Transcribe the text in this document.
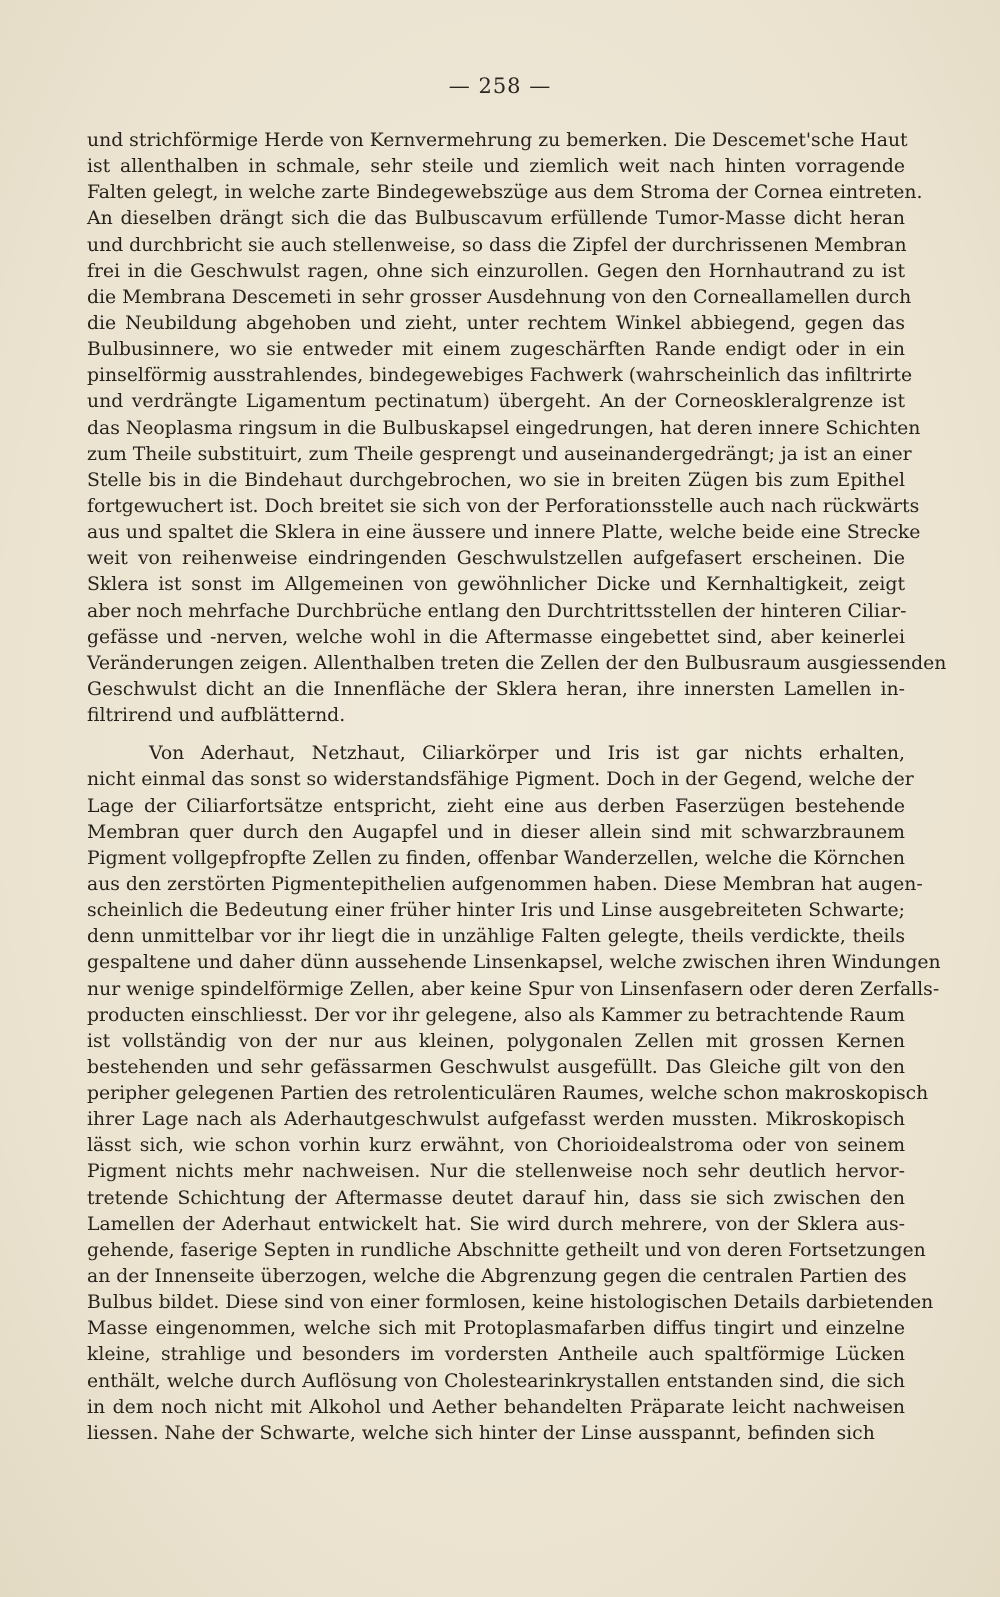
— 258 —
und strichförmige Herde von Kernvermehrung zu bemerken. Die Descemet'sche Haut
ist allenthalben in schmale, sehr steile und ziemlich weit nach hinten vorragende
Falten gelegt, in welche zarte Bindegewebszüge aus dem Stroma der Cornea eintreten.
An dieselben drängt sich die das Bulbuscavum erfüllende Tumor-Masse dicht heran
und durchbricht sie auch stellenweise, so dass die Zipfel der durchrissenen Membran
frei in die Geschwulst ragen, ohne sich einzurollen. Gegen den Hornhautrand zu ist
die Membrana Descemeti in sehr grosser Ausdehnung von den Corneallamellen durch
die Neubildung abgehoben und zieht, unter rechtem Winkel abbiegend, gegen das
Bulbusinnere, wo sie entweder mit einem zugeschärften Rande endigt oder in ein
pinselförmig ausstrahlendes, bindegewebiges Fachwerk (wahrscheinlich das infiltrirte
und verdrängte Ligamentum pectinatum) übergeht. An der Corneoskleralgrenze ist
das Neoplasma ringsum in die Bulbuskapsel eingedrungen, hat deren innere Schichten
zum Theile substituirt, zum Theile gesprengt und auseinandergedrängt; ja ist an einer
Stelle bis in die Bindehaut durchgebrochen, wo sie in breiten Zügen bis zum Epithel
fortgewuchert ist. Doch breitet sie sich von der Perforationsstelle auch nach rückwärts
aus und spaltet die Sklera in eine äussere und innere Platte, welche beide eine Strecke
weit von reihenweise eindringenden Geschwulstzellen aufgefasert erscheinen. Die
Sklera ist sonst im Allgemeinen von gewöhnlicher Dicke und Kernhaltigkeit, zeigt
aber noch mehrfache Durchbrüche entlang den Durchtrittsstellen der hinteren Ciliar-
gefässe und -nerven, welche wohl in die Aftermasse eingebettet sind, aber keinerlei
Veränderungen zeigen. Allenthalben treten die Zellen der den Bulbusraum ausgiessenden
Geschwulst dicht an die Innenfläche der Sklera heran, ihre innersten Lamellen in-
filtrirend und aufblätternd.
Von Aderhaut, Netzhaut, Ciliarkörper und Iris ist gar nichts erhalten,
nicht einmal das sonst so widerstandsfähige Pigment. Doch in der Gegend, welche der
Lage der Ciliarfortsätze entspricht, zieht eine aus derben Faserzügen bestehende
Membran quer durch den Augapfel und in dieser allein sind mit schwarzbraunem
Pigment vollgepfropfte Zellen zu finden, offenbar Wanderzellen, welche die Körnchen
aus den zerstörten Pigmentepithelien aufgenommen haben. Diese Membran hat augen-
scheinlich die Bedeutung einer früher hinter Iris und Linse ausgebreiteten Schwarte;
denn unmittelbar vor ihr liegt die in unzählige Falten gelegte, theils verdickte, theils
gespaltene und daher dünn aussehende Linsenkapsel, welche zwischen ihren Windungen
nur wenige spindelförmige Zellen, aber keine Spur von Linsenfasern oder deren Zerfalls-
producten einschliesst. Der vor ihr gelegene, also als Kammer zu betrachtende Raum
ist vollständig von der nur aus kleinen, polygonalen Zellen mit grossen Kernen
bestehenden und sehr gefässarmen Geschwulst ausgefüllt. Das Gleiche gilt von den
peripher gelegenen Partien des retrolenticulären Raumes, welche schon makroskopisch
ihrer Lage nach als Aderhautgeschwulst aufgefasst werden mussten. Mikroskopisch
lässt sich, wie schon vorhin kurz erwähnt, von Chorioidealstroma oder von seinem
Pigment nichts mehr nachweisen. Nur die stellenweise noch sehr deutlich hervor-
tretende Schichtung der Aftermasse deutet darauf hin, dass sie sich zwischen den
Lamellen der Aderhaut entwickelt hat. Sie wird durch mehrere, von der Sklera aus-
gehende, faserige Septen in rundliche Abschnitte getheilt und von deren Fortsetzungen
an der Innenseite überzogen, welche die Abgrenzung gegen die centralen Partien des
Bulbus bildet. Diese sind von einer formlosen, keine histologischen Details darbietenden
Masse eingenommen, welche sich mit Protoplasmafarben diffus tingirt und einzelne
kleine, strahlige und besonders im vordersten Antheile auch spaltförmige Lücken
enthält, welche durch Auflösung von Cholestearinkrystallen entstanden sind, die sich
in dem noch nicht mit Alkohol und Aether behandelten Präparate leicht nachweisen
liessen. Nahe der Schwarte, welche sich hinter der Linse ausspannt, befinden sich
